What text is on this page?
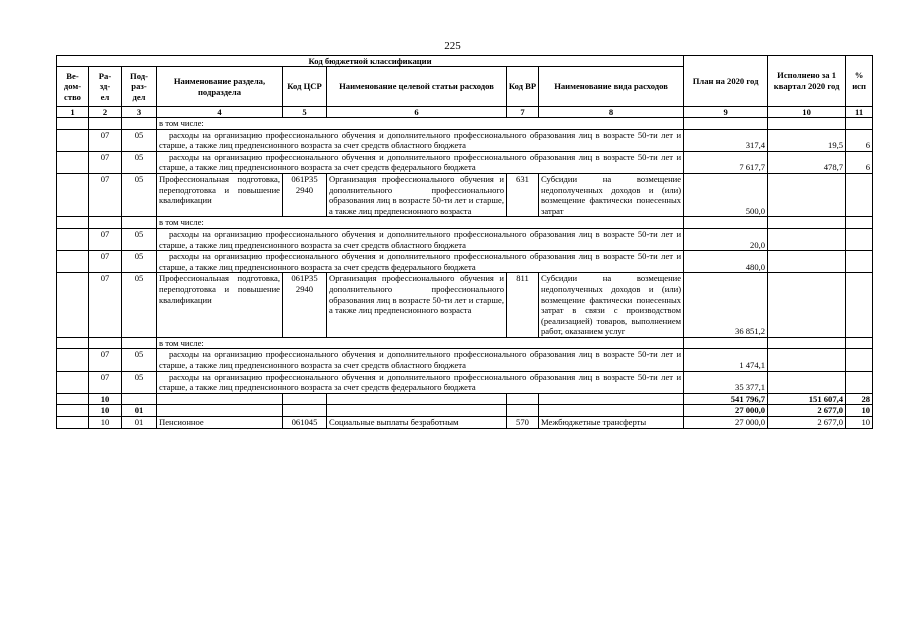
225
Код бюджетной классификации								План на 2020 год	Исполнено за 1 квартал 2020 год	% исп
Ве-
дом-
ство	Ра-
зд-
ел	Под-
раз-
дел	Наименование раздела, подраздела	Код ЦСР	Наименование целевой статьи расходов	Код ВР	Наименование вида расходов			
1	2	3	4	5	6	7	8	9	10	11
			в том числе:							
	07	05	расходы на организацию профессионального обучения и дополнительного профессионального образования лиц в возрасте 50-ти лет и старше, а также лиц предпенсионного возраста за счет средств областного бюджета					317,4	19,5	6
	07	05	расходы на организацию профессионального обучения и дополнительного профессионального образования лиц в возрасте 50-ти лет и старше, а также лиц предпенсионного возраста за счет средств федерального бюджета					7 617,7	478,7	6
	07	05	Профессиональная подготовка, переподготовка и повышение квалификации	061P35 2940	Организация профессионального обучения и дополнительного профессионального образования лиц в возрасте 50-ти лет и старше, а также лиц предпенсионного возраста	631	Субсидии на возмещение недополученных доходов и (или) возмещение фактически понесенных затрат	500,0		
			в том числе:							
	07	05	расходы на организацию профессионального обучения и дополнительного профессионального образования лиц в возрасте 50-ти лет и старше, а также лиц предпенсионного возраста за счет средств областного бюджета					20,0		
	07	05	расходы на организацию профессионального обучения и дополнительного профессионального образования лиц в возрасте 50-ти лет и старше, а также лиц предпенсионного возраста за счет средств федерального бюджета					480,0		
	07	05	Профессиональная подготовка, переподготовка и повышение квалификации	061P35 2940	Организация профессионального обучения и дополнительного профессионального образования лиц в возрасте 50-ти лет и старше, а также лиц предпенсионного возраста	811	Субсидии на возмещение недополученных доходов и (или) возмещение фактически понесенных затрат в связи с производством (реализацией) товаров, выполнением работ, оказанием услуг	36 851,2		
			в том числе:							
	07	05	расходы на организацию профессионального обучения и дополнительного профессионального образования лиц в возрасте 50-ти лет и старше, а также лиц предпенсионного возраста за счет средств областного бюджета					1 474,1		
	07	05	расходы на организацию профессионального обучения и дополнительного профессионального образования лиц в возрасте 50-ти лет и старше, а также лиц предпенсионного возраста за счет средств федерального бюджета					35 377,1		
	10							541 796,7	151 607,4	28
	10	01						27 000,0	2 677,0	10
	10	01	Пенсионное	061045	Социальные выплаты безработным	570	Межбюджетные трансферты	27 000,0	2 677,0	10
